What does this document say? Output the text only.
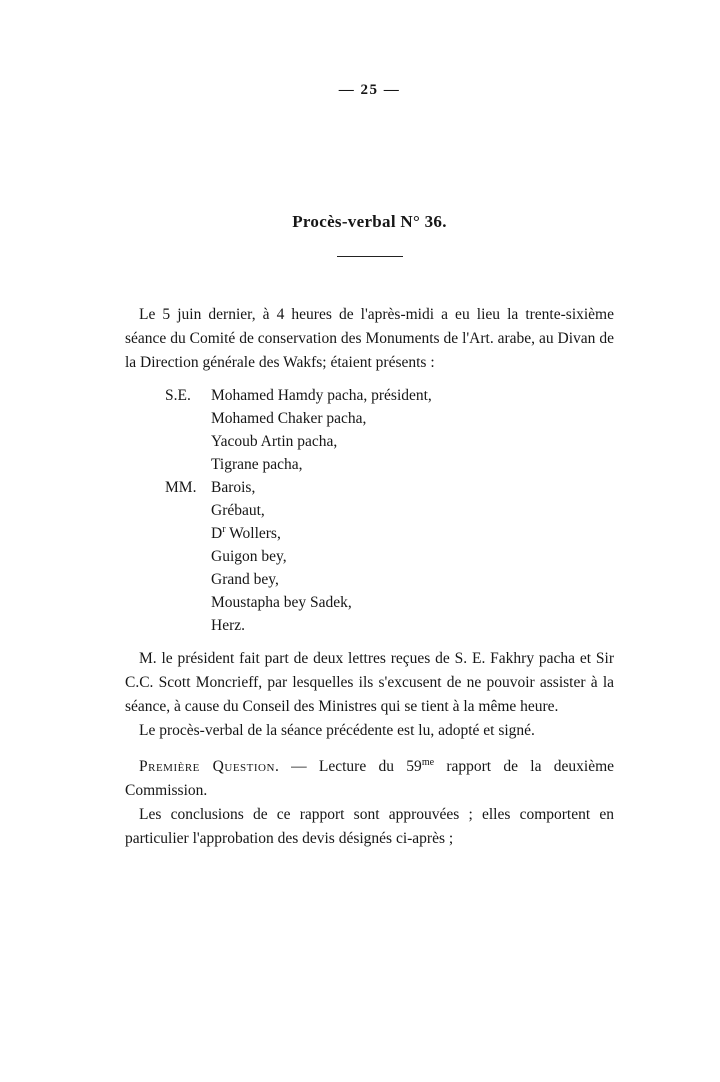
— 25 —
Procès-verbal N° 36.

Le 5 juin dernier, à 4 heures de l'après-midi a eu lieu la trente-sixième séance du Comité de conservation des Monuments de l'Art. arabe, au Divan de la Direction générale des Wakfs; étaient présents :

S.E.	Mohamed Hamdy pacha, président,
Mohamed Chaker pacha,
Yacoub Artin pacha,
Tigrane pacha,
MM. Barois,
Grébaut,
$D^r$ Wollers,
Guigon bey,
Grand bey,
Moustapha bey Sadek,
Herz.

M. le président fait part de deux lettres reçues de S. E. Fakhry pacha et Sir C.C. Scott Moncrieff, par lesquelles ils s'excusent de ne pouvoir assister à la séance, à cause du Conseil des Ministres qui se tient à la même heure.

Le procès-verbal de la séance précédente est lu, adopté et signé.

Première Question. — Lecture du $59^{me}$ rapport de la deuxième Commission.

Les conclusions de ce rapport sont approuvées ; elles comportent en particulier l'approbation des devis désignés ci-après ;
